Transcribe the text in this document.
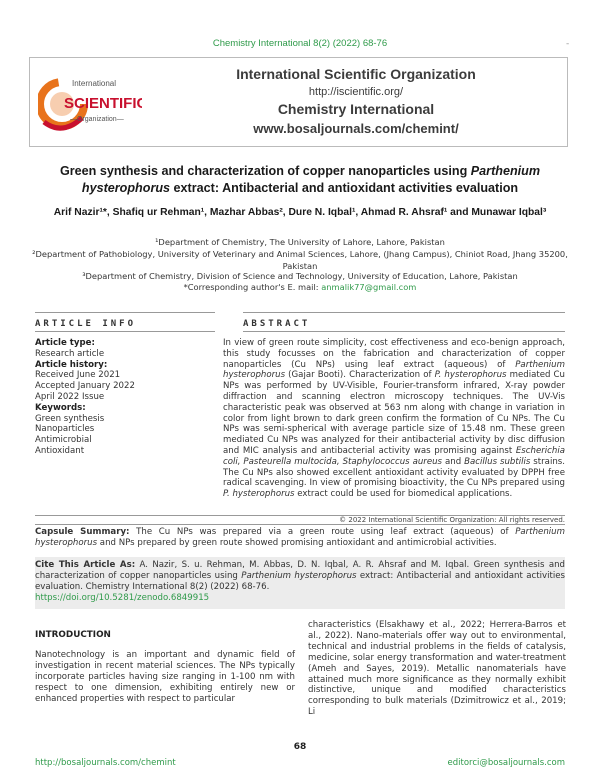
Chemistry International 8(2) (2022) 68-76	-
International
SCIENTIFIC
—Organization—
International Scientific Organization
http://iscientific.org/
Chemistry International
www.bosaljournals.com/chemint/
Green synthesis and characterization of copper nanoparticles using Parthenium hysterophorus extract: Antibacterial and antioxidant activities evaluation
Arif Nazir¹*, Shafiq ur Rehman¹, Mazhar Abbas², Dure N. Iqbal¹, Ahmad R. Ahsraf¹ and Munawar Iqbal³
¹Department of Chemistry, The University of Lahore, Lahore, Pakistan
²Department of Pathobiology, University of Veterinary and Animal Sciences, Lahore, (Jhang Campus), Chiniot Road, Jhang 35200, Pakistan
³Department of Chemistry, Division of Science and Technology, University of Education, Lahore, Pakistan
*Corresponding author's E. mail: anmalik77@gmail.com
ARTICLE INFO	ABSTRACT
Article type:
Research article
Article history:
Received June 2021
Accepted January 2022
April 2022 Issue
Keywords:
Green synthesis
Nanoparticles
Antimicrobial
Antioxidant
In view of green route simplicity, cost effectiveness and eco-benign approach, this study focusses on the fabrication and characterization of copper nanoparticles (Cu NPs) using leaf extract (aqueous) of Parthenium hysterophorus (Gajar Booti). Characterization of P. hysterophorus mediated Cu NPs was performed by UV-Visible, Fourier-transform infrared, X-ray powder diffraction and scanning electron microscopy techniques. The UV-Vis characteristic peak was observed at 563 nm along with change in variation in color from light brown to dark green confirm the formation of Cu NPs. The Cu NPs was semi-spherical with average particle size of 15.48 nm. These green mediated Cu NPs was analyzed for their antibacterial activity by disc diffusion and MIC analysis and antibacterial activity was promising against Escherichia coli, Pasteurella multocida, Staphylococcus aureus and Bacillus subtilis strains. The Cu NPs also showed excellent antioxidant activity evaluated by DPPH free radical scavenging. In view of promising bioactivity, the Cu NPs prepared using P. hysterophorus extract could be used for biomedical applications.
© 2022 International Scientific Organization: All rights reserved.
Capsule Summary: The Cu NPs was prepared via a green route using leaf extract (aqueous) of Parthenium hysterophorus and NPs prepared by green route showed promising antioxidant and antimicrobial activities.
Cite This Article As: A. Nazir, S. u. Rehman, M. Abbas, D. N. Iqbal, A. R. Ahsraf and M. Iqbal. Green synthesis and characterization of copper nanoparticles using Parthenium hysterophorus extract: Antibacterial and antioxidant activities evaluation. Chemistry International 8(2) (2022) 68-76.
https://doi.org/10.5281/zenodo.6849915
INTRODUCTION
Nanotechnology is an important and dynamic field of investigation in recent material sciences. The NPs typically incorporate particles having size ranging in 1-100 nm with respect to one dimension, exhibiting entirely new or enhanced properties with respect to particular
characteristics (Elsakhawy et al., 2022; Herrera-Barros et al., 2022). Nano-materials offer way out to environmental, technical and industrial problems in the fields of catalysis, medicine, solar energy transformation and water-treatment (Ameh and Sayes, 2019). Metallic nanomaterials have attained much more significance as they normally exhibit distinctive, unique and modified characteristics corresponding to bulk materials (Dzimitrowicz et al., 2019; Li
68
http://bosaljournals.com/chemint	editorci@bosaljournals.com
